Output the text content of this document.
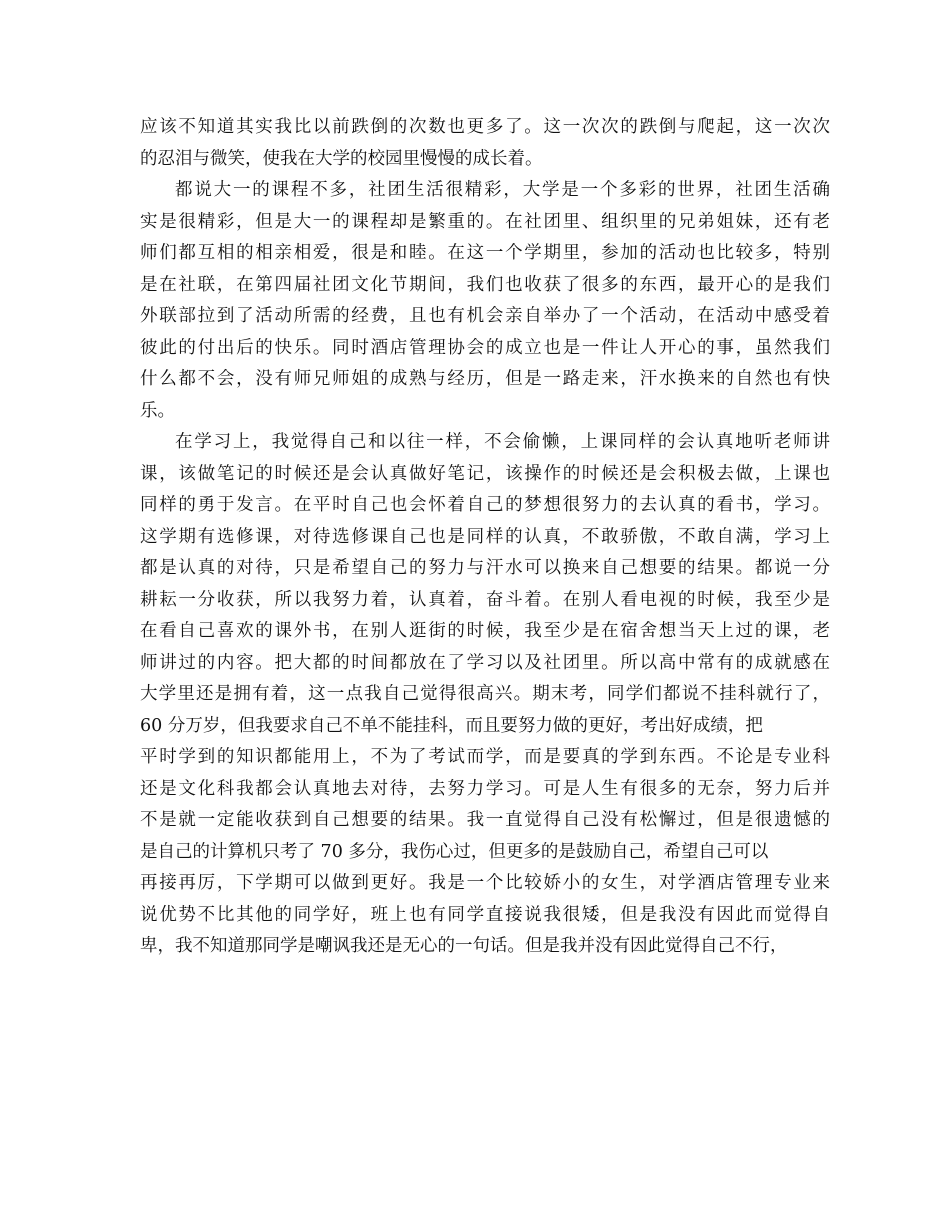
应该不知道其实我比以前跌倒的次数也更多了。这一次次的跌倒与爬起，这一次次
的忍泪与微笑，使我在大学的校园里慢慢的成长着。
都说大一的课程不多，社团生活很精彩，大学是一个多彩的世界，社团生活确
实是很精彩，但是大一的课程却是繁重的。在社团里、组织里的兄弟姐妹，还有老
师们都互相的相亲相爱，很是和睦。在这一个学期里，参加的活动也比较多，特别
是在社联，在第四届社团文化节期间，我们也收获了很多的东西，最开心的是我们
外联部拉到了活动所需的经费，且也有机会亲自举办了一个活动，在活动中感受着
彼此的付出后的快乐。同时酒店管理协会的成立也是一件让人开心的事，虽然我们
什么都不会，没有师兄师姐的成熟与经历，但是一路走来，汗水换来的自然也有快
乐。
在学习上，我觉得自己和以往一样，不会偷懒，上课同样的会认真地听老师讲
课，该做笔记的时候还是会认真做好笔记，该操作的时候还是会积极去做，上课也
同样的勇于发言。在平时自己也会怀着自己的梦想很努力的去认真的看书，学习。
这学期有选修课，对待选修课自己也是同样的认真，不敢骄傲，不敢自满，学习上
都是认真的对待，只是希望自己的努力与汗水可以换来自己想要的结果。都说一分
耕耘一分收获，所以我努力着，认真着，奋斗着。在别人看电视的时候，我至少是
在看自己喜欢的课外书，在别人逛街的时候，我至少是在宿舍想当天上过的课，老
师讲过的内容。把大都的时间都放在了学习以及社团里。所以高中常有的成就感在
大学里还是拥有着，这一点我自己觉得很高兴。期末考，同学们都说不挂科就行了，
60 分万岁，但我要求自己不单不能挂科，而且要努力做的更好，考出好成绩，把
平时学到的知识都能用上，不为了考试而学，而是要真的学到东西。不论是专业科
还是文化科我都会认真地去对待，去努力学习。可是人生有很多的无奈，努力后并
不是就一定能收获到自己想要的结果。我一直觉得自己没有松懈过，但是很遗憾的
是自己的计算机只考了 70 多分，我伤心过，但更多的是鼓励自己，希望自己可以
再接再厉，下学期可以做到更好。我是一个比较娇小的女生，对学酒店管理专业来
说优势不比其他的同学好，班上也有同学直接说我很矮，但是我没有因此而觉得自
卑，我不知道那同学是嘲讽我还是无心的一句话。但是我并没有因此觉得自己不行，
